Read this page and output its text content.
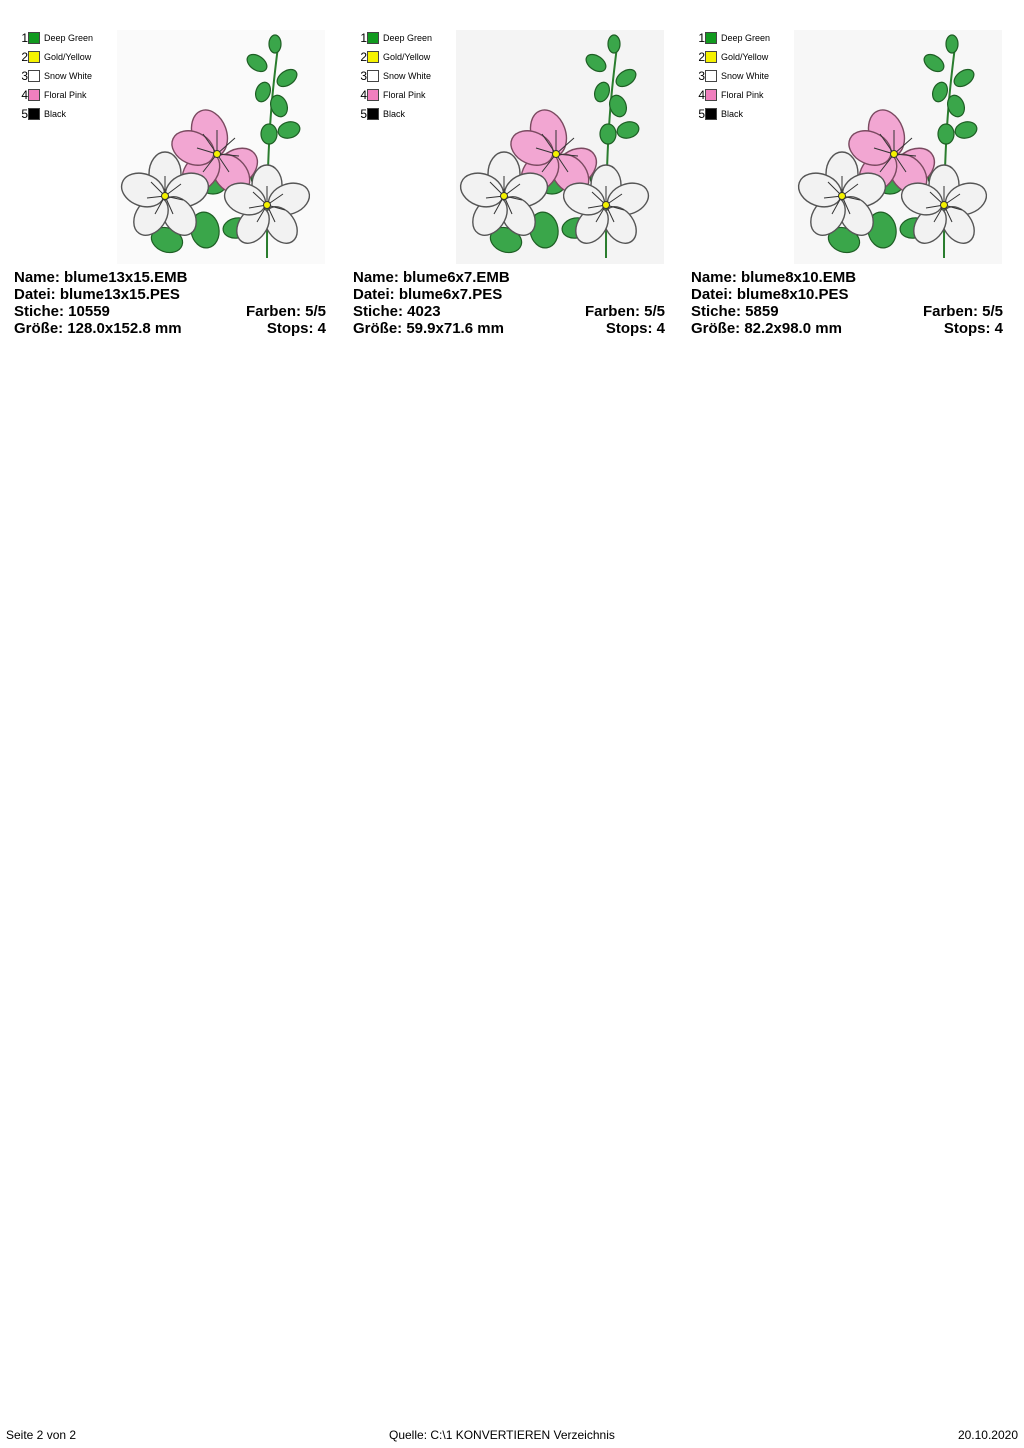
1 Deep Green
2 Gold/Yellow
3 Snow White
4 Floral Pink
5 Black
Name: blume13x15.EMB
Datei: blume13x15.PES
Stiche: 10559	Farben: 5/5
Größe: 128.0x152.8 mm	Stops: 4
1 Deep Green
2 Gold/Yellow
3 Snow White
4 Floral Pink
5 Black
Name: blume6x7.EMB
Datei: blume6x7.PES
Stiche: 4023	Farben: 5/5
Größe: 59.9x71.6 mm	Stops: 4
1 Deep Green
2 Gold/Yellow
3 Snow White
4 Floral Pink
5 Black
Name: blume8x10.EMB
Datei: blume8x10.PES
Stiche: 5859	Farben: 5/5
Größe: 82.2x98.0 mm	Stops: 4
Seite 2 von 2	Quelle: C:\1 KONVERTIEREN Verzeichnis	20.10.2020
